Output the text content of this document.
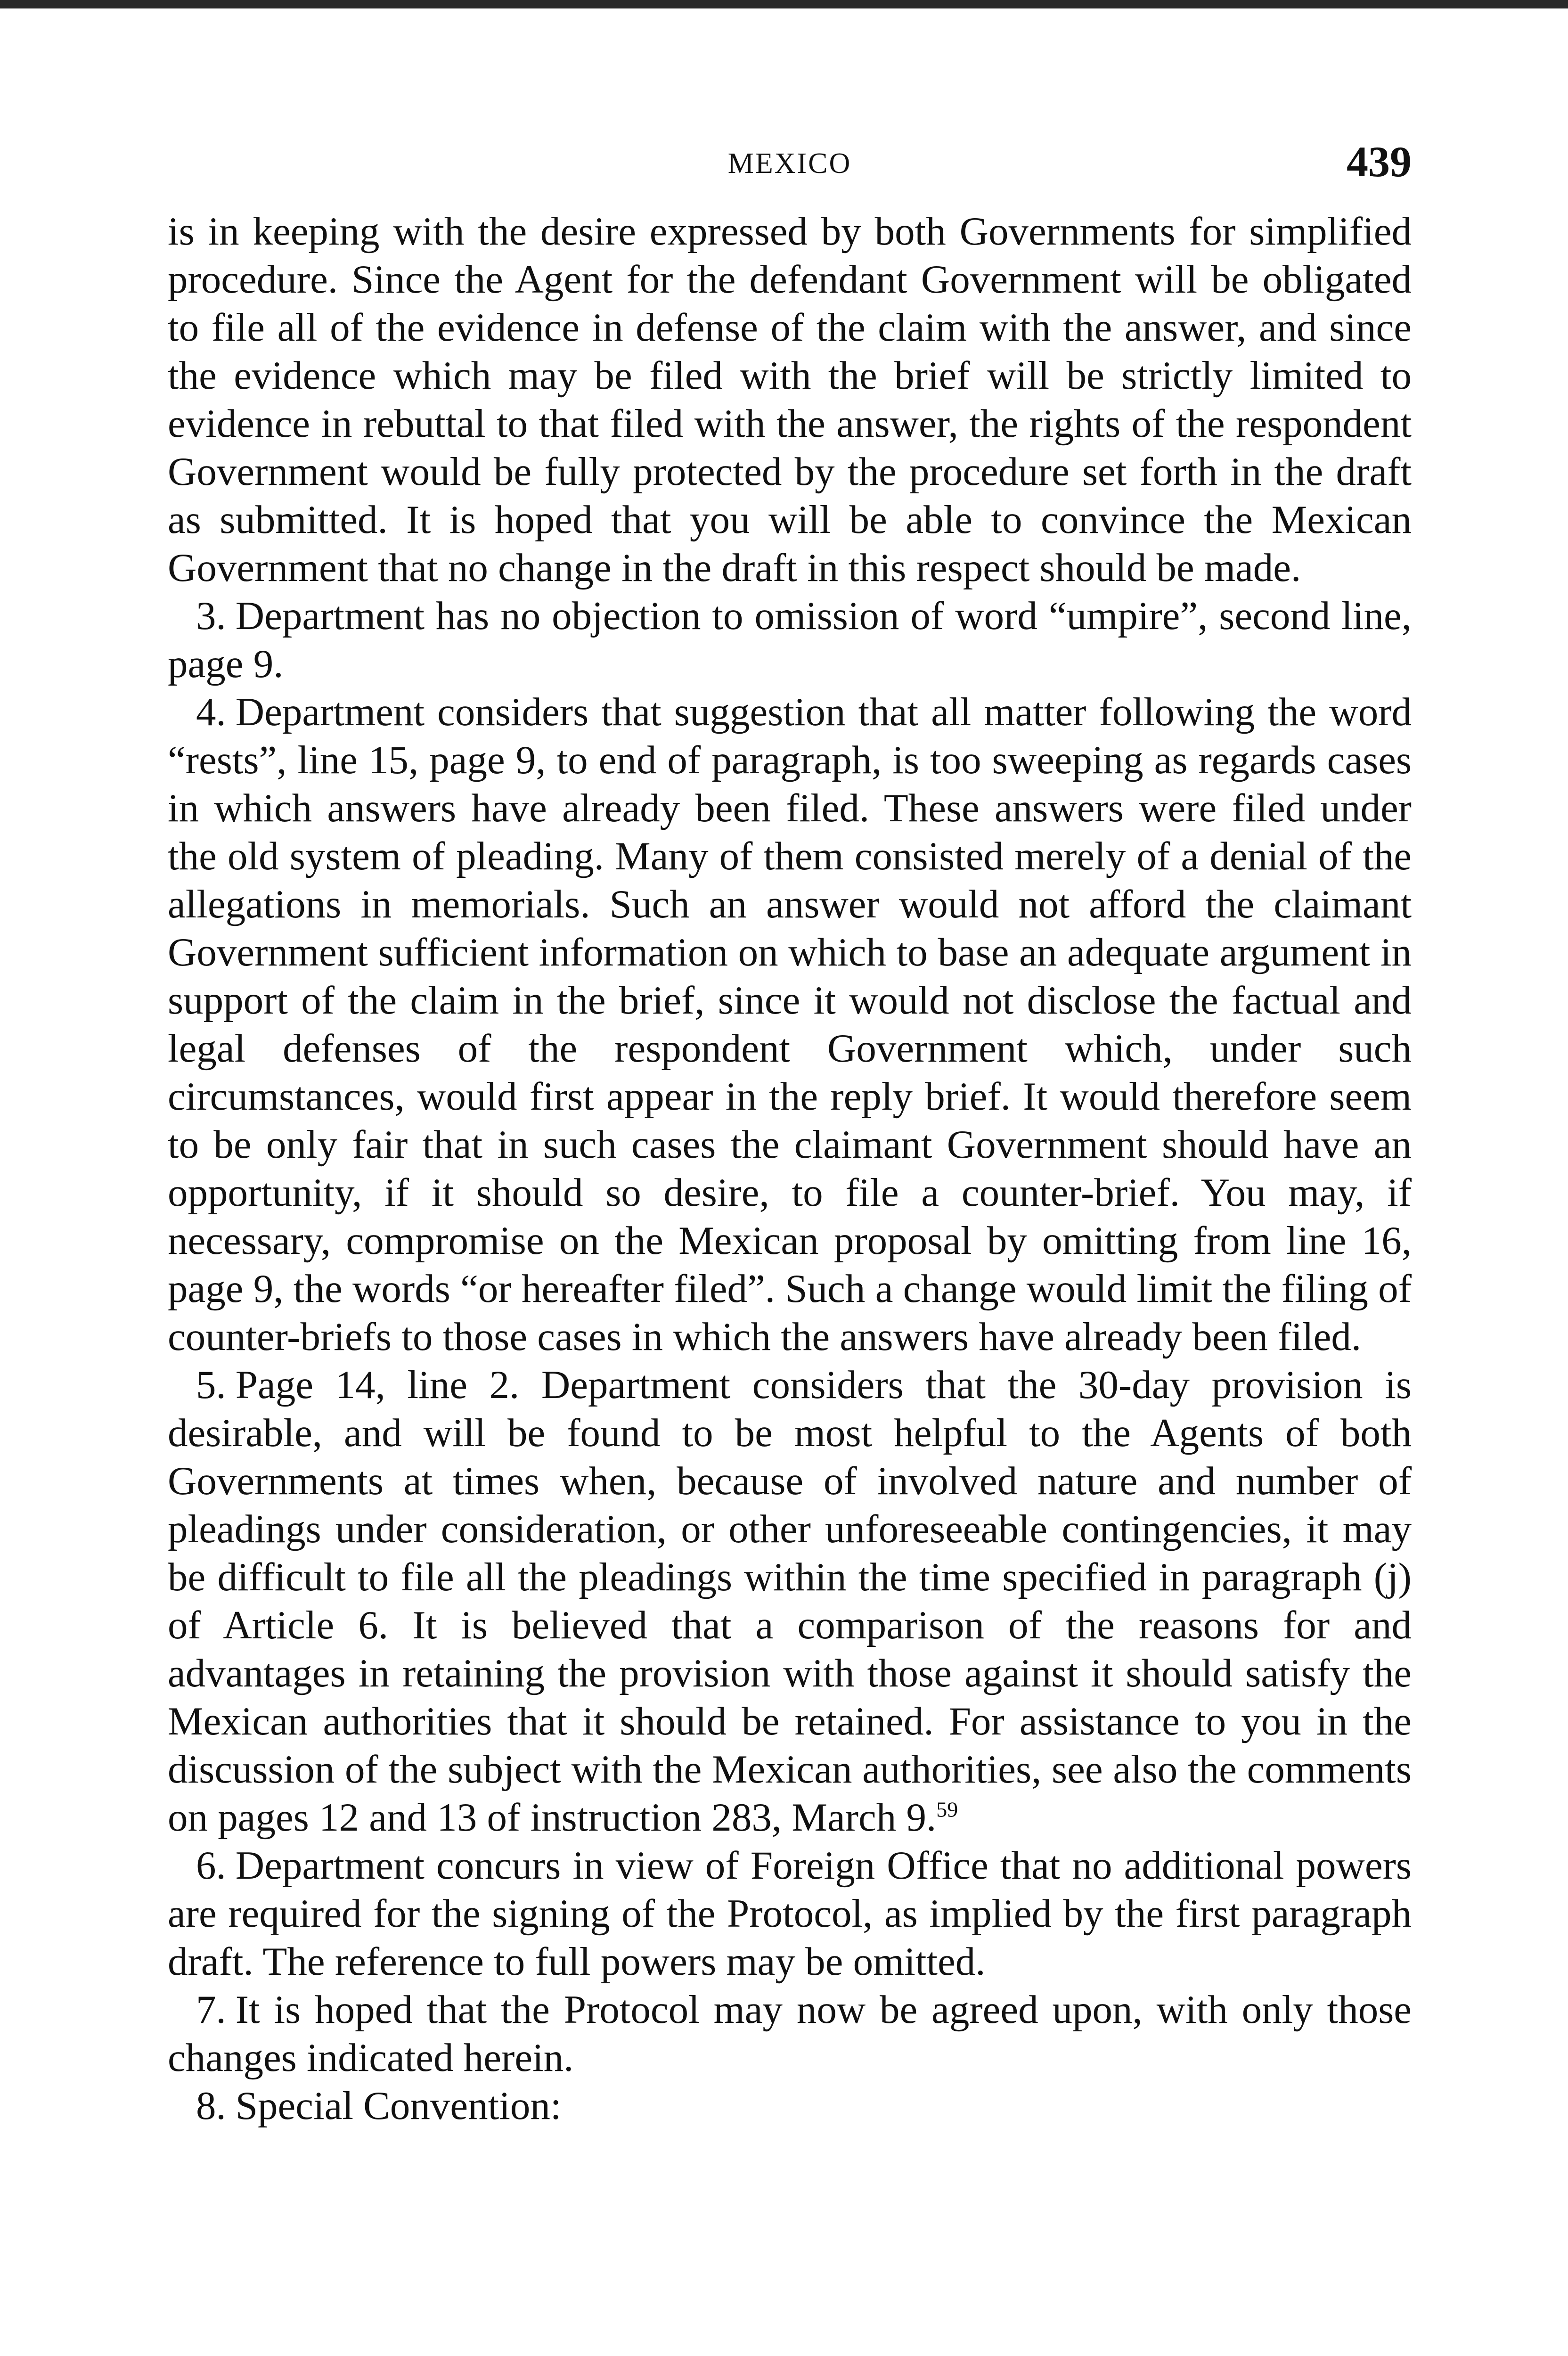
MEXICO	439

is in keeping with the desire expressed by both Governments for simplified procedure. Since the Agent for the defendant Government will be obligated to file all of the evidence in defense of the claim with the answer, and since the evidence which may be filed with the brief will be strictly limited to evidence in rebuttal to that filed with the answer, the rights of the respondent Government would be fully protected by the procedure set forth in the draft as submitted. It is hoped that you will be able to convince the Mexican Government that no change in the draft in this respect should be made.

3. Department has no objection to omission of word “umpire”, second line, page 9.

4. Department considers that suggestion that all matter following the word “rests”, line 15, page 9, to end of paragraph, is too sweeping as regards cases in which answers have already been filed. These answers were filed under the old system of pleading. Many of them consisted merely of a denial of the allegations in memorials. Such an answer would not afford the claimant Government sufficient information on which to base an adequate argument in support of the claim in the brief, since it would not disclose the factual and legal defenses of the respondent Government which, under such circumstances, would first appear in the reply brief. It would therefore seem to be only fair that in such cases the claimant Government should have an opportunity, if it should so desire, to file a counter-brief. You may, if necessary, compromise on the Mexican proposal by omitting from line 16, page 9, the words “or hereafter filed”. Such a change would limit the filing of counter-briefs to those cases in which the answers have already been filed.

5. Page 14, line 2. Department considers that the 30-day provision is desirable, and will be found to be most helpful to the Agents of both Governments at times when, because of involved nature and number of pleadings under consideration, or other unforeseeable contingencies, it may be difficult to file all the pleadings within the time specified in paragraph (j) of Article 6. It is believed that a comparison of the reasons for and advantages in retaining the provision with those against it should satisfy the Mexican authorities that it should be retained. For assistance to you in the discussion of the subject with the Mexican authorities, see also the comments on pages 12 and 13 of instruction 283, March 9.59

6. Department concurs in view of Foreign Office that no additional powers are required for the signing of the Protocol, as implied by the first paragraph draft. The reference to full powers may be omitted.

7. It is hoped that the Protocol may now be agreed upon, with only those changes indicated herein.

8. Special Convention:
